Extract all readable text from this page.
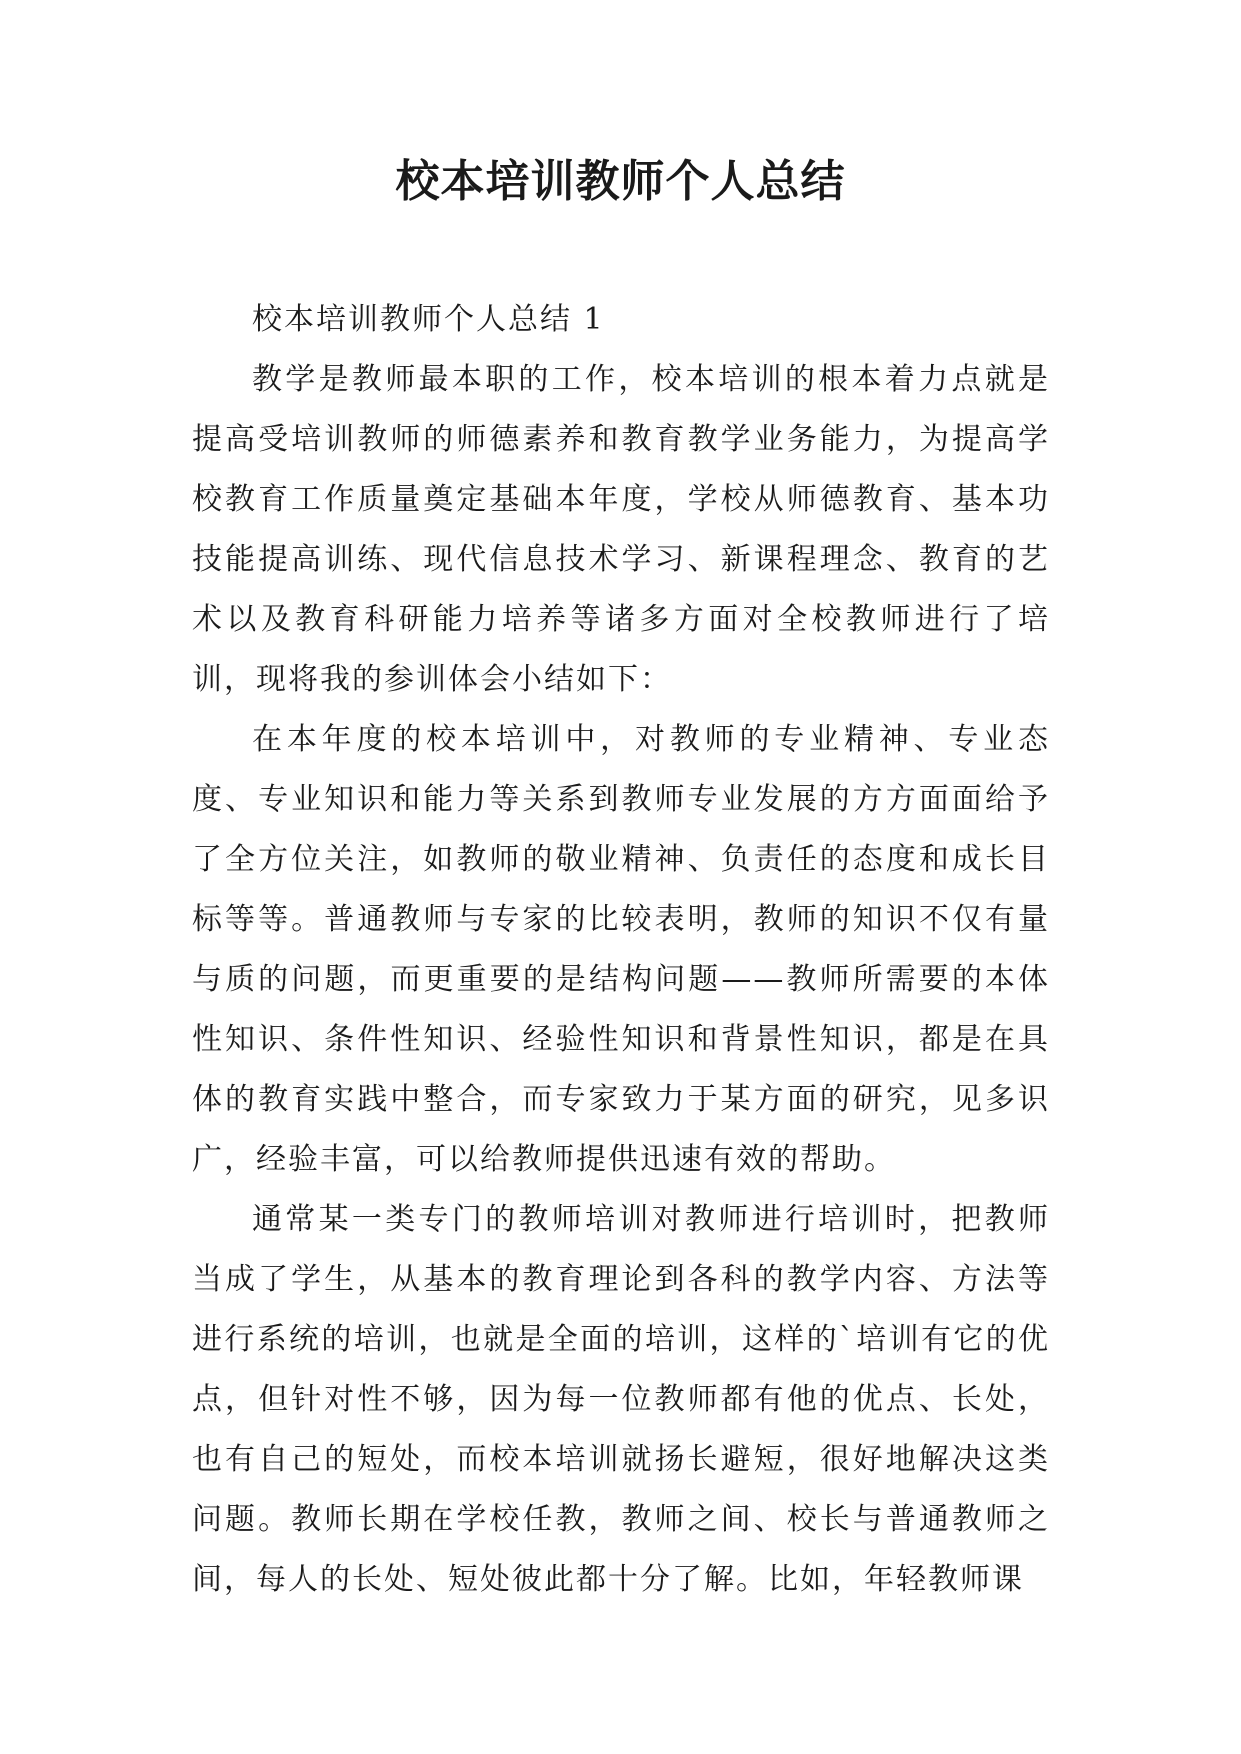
校本培训教师个人总结

校本培训教师个人总结 1

教学是教师最本职的工作，校本培训的根本着力点就是提高受培训教师的师德素养和教育教学业务能力，为提高学校教育工作质量奠定基础本年度，学校从师德教育、基本功技能提高训练、现代信息技术学习、新课程理念、教育的艺术以及教育科研能力培养等诸多方面对全校教师进行了培训，现将我的参训体会小结如下：

在本年度的校本培训中，对教师的专业精神、专业态度、专业知识和能力等关系到教师专业发展的方方面面给予了全方位关注，如教师的敬业精神、负责任的态度和成长目标等等。普通教师与专家的比较表明，教师的知识不仅有量与质的问题，而更重要的是结构问题——教师所需要的本体性知识、条件性知识、经验性知识和背景性知识，都是在具体的教育实践中整合，而专家致力于某方面的研究，见多识广，经验丰富，可以给教师提供迅速有效的帮助。

通常某一类专门的教师培训对教师进行培训时，把教师当成了学生，从基本的教育理论到各科的教学内容、方法等进行系统的培训，也就是全面的培训，这样的`培训有它的优点，但针对性不够，因为每一位教师都有他的优点、长处，也有自己的短处，而校本培训就扬长避短，很好地解决这类问题。教师长期在学校任教，教师之间、校长与普通教师之间，每人的长处、短处彼此都十分了解。比如，年轻教师课
